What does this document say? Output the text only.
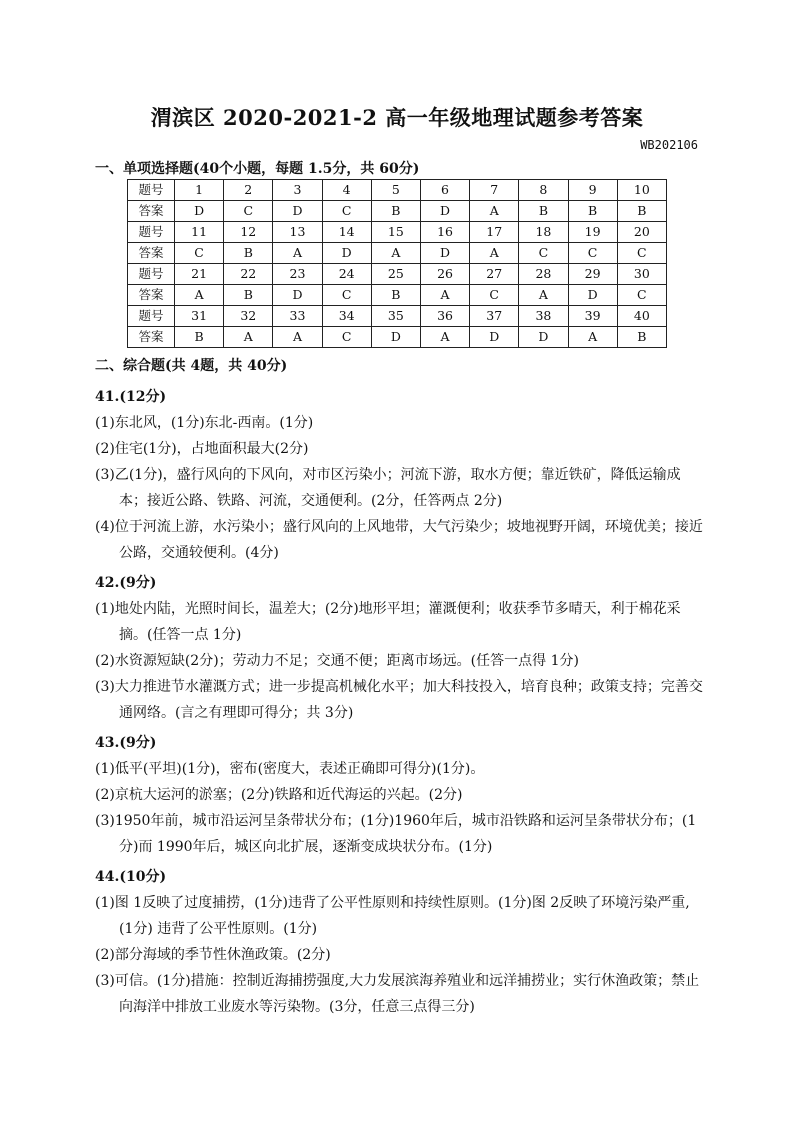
渭滨区 2020-2021-2 高一年级地理试题参考答案
WB202106
一、单项选择题(40个小题，每题 1.5分，共 60分)
题号	1	2	3	4	5	6	7	8	9	10
答案	D	C	D	C	B	D	A	B	B	B
题号	11	12	13	14	15	16	17	18	19	20
答案	C	B	A	D	A	D	A	C	C	C
题号	21	22	23	24	25	26	27	28	29	30
答案	A	B	D	C	B	A	C	A	D	C
题号	31	32	33	34	35	36	37	38	39	40
答案	B	A	A	C	D	A	D	D	A	B
二、综合题(共 4题，共 40分)
41.(12分)
(1)东北风，(1分)东北-西南。(1分)
(2)住宅(1分)，占地面积最大(2分)
(3)乙(1分)，盛行风向的下风向，对市区污染小；河流下游，取水方便；靠近铁矿，降低运输成本；接近公路、铁路、河流，交通便利。(2分，任答两点 2分)
(4)位于河流上游，水污染小；盛行风向的上风地带，大气污染少；坡地视野开阔，环境优美；接近公路，交通较便利。(4分)
42.(9分)
(1)地处内陆，光照时间长，温差大；(2分)地形平坦；灌溉便利；收获季节多晴天，利于棉花采摘。(任答一点 1分)
(2)水资源短缺(2分)；劳动力不足；交通不便；距离市场远。(任答一点得 1分)
(3)大力推进节水灌溉方式；进一步提高机械化水平；加大科技投入，培育良种；政策支持；完善交通网络。(言之有理即可得分；共 3分)
43.(9分)
(1)低平(平坦)(1分)，密布(密度大，表述正确即可得分)(1分)。
(2)京杭大运河的淤塞；(2分)铁路和近代海运的兴起。(2分)
(3)1950年前，城市沿运河呈条带状分布；(1分)1960年后，城市沿铁路和运河呈条带状分布；(1分)而 1990年后，城区向北扩展，逐渐变成块状分布。(1分)
44.(10分)
(1)图 1反映了过度捕捞，(1分)违背了公平性原则和持续性原则。(1分)图 2反映了环境污染严重,(1分) 违背了公平性原则。(1分)
(2)部分海域的季节性休渔政策。(2分)
(3)可信。(1分)措施：控制近海捕捞强度,大力发展滨海养殖业和远洋捕捞业；实行休渔政策；禁止向海洋中排放工业废水等污染物。(3分，任意三点得三分)
